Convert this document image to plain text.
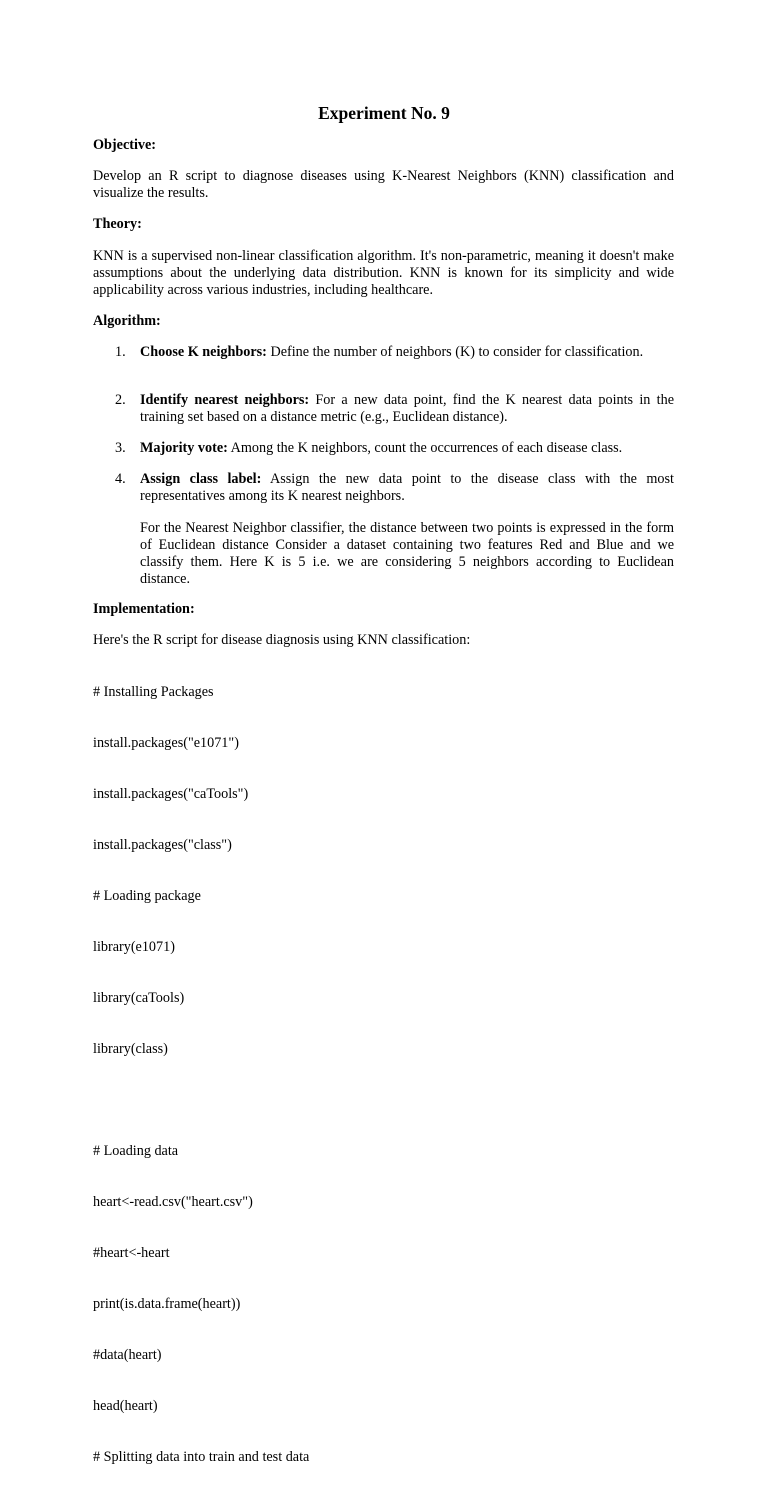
Experiment No. 9
Objective:
Develop an R script to diagnose diseases using K-Nearest Neighbors (KNN) classification and visualize the results.
Theory:
KNN is a supervised non-linear classification algorithm. It's non-parametric, meaning it doesn't make assumptions about the underlying data distribution. KNN is known for its simplicity and wide applicability across various industries, including healthcare.
Algorithm:
1.	Choose K neighbors: Define the number of neighbors (K) to consider for classification.
2.	Identify nearest neighbors: For a new data point, find the K nearest data points in the training set based on a distance metric (e.g., Euclidean distance).
3.	Majority vote: Among the K neighbors, count the occurrences of each disease class.
4.	Assign class label: Assign the new data point to the disease class with the most representatives among its K nearest neighbors.
For the Nearest Neighbor classifier, the distance between two points is expressed in the form of Euclidean distance Consider a dataset containing two features Red and Blue and we classify them. Here K is 5 i.e. we are considering 5 neighbors according to Euclidean distance.
Implementation:
Here's the R script for disease diagnosis using KNN classification:

# Installing Packages

install.packages("e1071")

install.packages("caTools")

install.packages("class")

# Loading package

library(e1071)

library(caTools)

library(class)

# Loading data

heart<-read.csv("heart.csv")

#heart<-heart

print(is.data.frame(heart))

#data(heart)

head(heart)

# Splitting data into train and test data
